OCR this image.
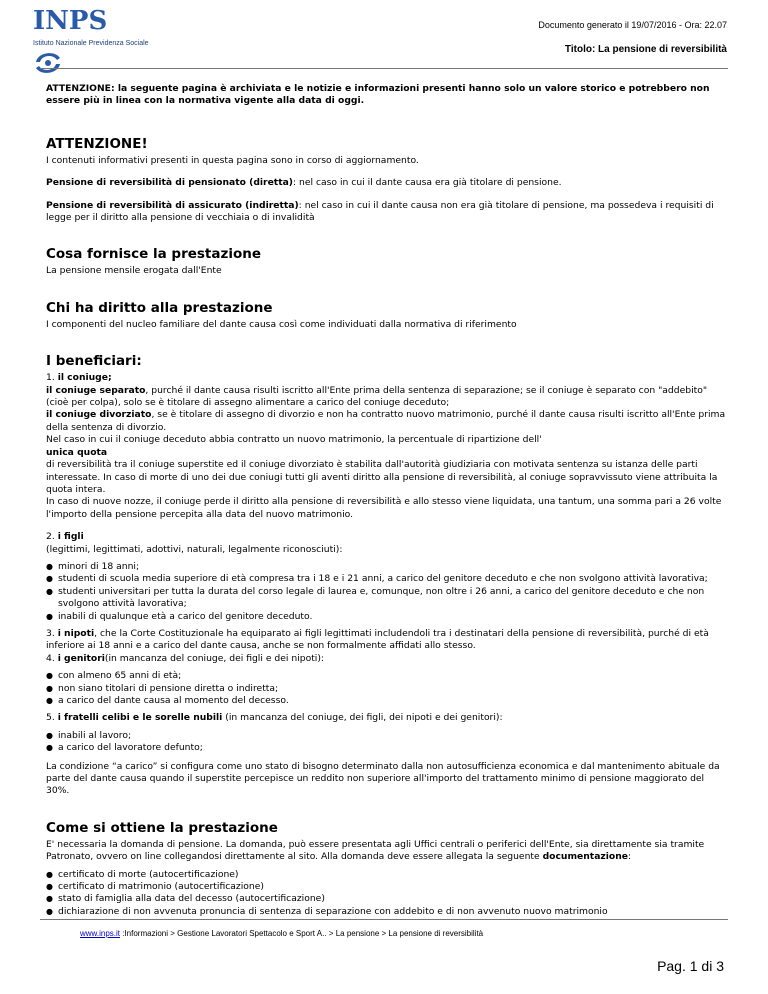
INPS
Istituto Nazionale Previdenza Sociale
Documento generato il 19/07/2016 - Ora: 22.07
Titolo: La pensione di reversibilità

ATTENZIONE: la seguente pagina è archiviata e le notizie e informazioni presenti hanno solo un valore storico e potrebbero non essere più in linea con la normativa vigente alla data di oggi.

ATTENZIONE!

I contenuti informativi presenti in questa pagina sono in corso di aggiornamento.

Pensione di reversibilità di pensionato (diretta): nel caso in cui il dante causa era già titolare di pensione.

Pensione di reversibilità di assicurato (indiretta): nel caso in cui il dante causa non era già titolare di pensione, ma possedeva i requisiti di legge per il diritto alla pensione di vecchiaia o di invalidità

Cosa fornisce la prestazione

La pensione mensile erogata dall'Ente

Chi ha diritto alla prestazione

I componenti del nucleo familiare del dante causa così come individuati dalla normativa di riferimento

I beneficiari:

1. il coniuge;

il coniuge separato, purché il dante causa risulti iscritto all'Ente prima della sentenza di separazione; se il coniuge è separato con "addebito" (cioè per colpa), solo se è titolare di assegno alimentare a carico del coniuge deceduto;

il coniuge divorziato, se è titolare di assegno di divorzio e non ha contratto nuovo matrimonio, purché il dante causa risulti iscritto all'Ente prima della sentenza di divorzio.

Nel caso in cui il coniuge deceduto abbia contratto un nuovo matrimonio, la percentuale di ripartizione dell'

unica quota

di reversibilità tra il coniuge superstite ed il coniuge divorziato è stabilita dall'autorità giudiziaria con motivata sentenza su istanza delle parti interessate. In caso di morte di uno dei due coniugi tutti gli aventi diritto alla pensione di reversibilità, al coniuge sopravvissuto viene attribuita la quota intera.

In caso di nuove nozze, il coniuge perde il diritto alla pensione di reversibilità e allo stesso viene liquidata, una tantum, una somma pari a 26 volte l'importo della pensione percepita alla data del nuovo matrimonio.

2. i figli

(legittimi, legittimati, adottivi, naturali, legalmente riconosciuti):

● minori di 18 anni;
● studenti di scuola media superiore di età compresa tra i 18 e i 21 anni, a carico del genitore deceduto e che non svolgono attività lavorativa;
● studenti universitari per tutta la durata del corso legale di laurea e, comunque, non oltre i 26 anni, a carico del genitore deceduto e che non svolgono attività lavorativa;
● inabili di qualunque età a carico del genitore deceduto.

3. i nipoti, che la Corte Costituzionale ha equiparato ai figli legittimati includendoli tra i destinatari della pensione di reversibilità, purché di età inferiore ai 18 anni e a carico del dante causa, anche se non formalmente affidati allo stesso.

4. i genitori(in mancanza del coniuge, dei figli e dei nipoti):

● con almeno 65 anni di età;
● non siano titolari di pensione diretta o indiretta;
● a carico del dante causa al momento del decesso.

5. i fratelli celibi e le sorelle nubili (in mancanza del coniuge, dei figli, dei nipoti e dei genitori):

● inabili al lavoro;
● a carico del lavoratore defunto;

La condizione “a carico” si configura come uno stato di bisogno determinato dalla non autosufficienza economica e dal mantenimento abituale da parte del dante causa quando il superstite percepisce un reddito non superiore all'importo del trattamento minimo di pensione maggiorato del 30%.

Come si ottiene la prestazione

E' necessaria la domanda di pensione. La domanda, può essere presentata agli Uffici centrali o periferici dell'Ente, sia direttamente sia tramite Patronato, ovvero on line collegandosi direttamente al sito. Alla domanda deve essere allegata la seguente documentazione:

● certificato di morte (autocertificazione)
● certificato di matrimonio (autocertificazione)
● stato di famiglia alla data del decesso (autocertificazione)
● dichiarazione di non avvenuta pronuncia di sentenza di separazione con addebito e di non avvenuto nuovo matrimonio
www.inps.it :Informazioni > Gestione Lavoratori Spettacolo e Sport A.. > La pensione > La pensione di reversibilità
Pag. 1 di 3
